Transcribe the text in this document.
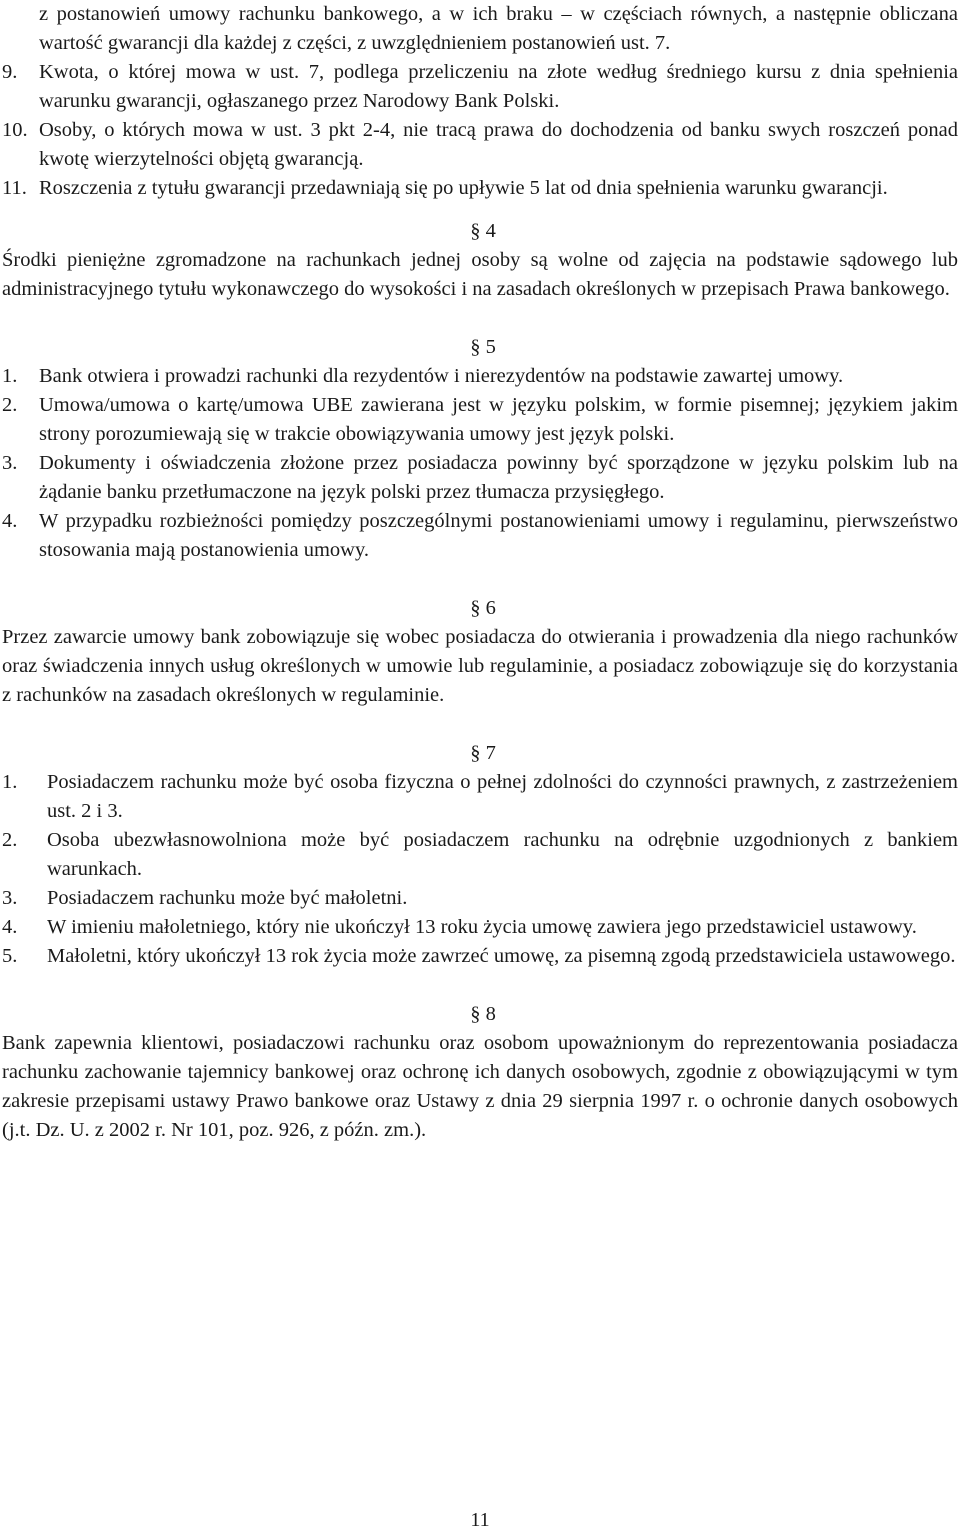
z postanowień umowy rachunku bankowego, a w ich braku – w częściach równych, a następnie obliczana wartość gwarancji dla każdej z części, z uwzględnieniem postanowień ust. 7.

9.	Kwota, o której mowa w ust. 7, podlega przeliczeniu na złote według średniego kursu z dnia spełnienia warunku gwarancji, ogłaszanego przez Narodowy Bank Polski.
10. Osoby, o których mowa w ust. 3 pkt 2-4, nie tracą prawa do dochodzenia od banku swych roszczeń ponad kwotę wierzytelności objętą gwarancją.
11. Roszczenia z tytułu gwarancji przedawniają się po upływie 5 lat od dnia spełnienia warunku gwarancji.

§ 4

Środki pieniężne zgromadzone na rachunkach jednej osoby są wolne od zajęcia na podstawie sądowego lub administracyjnego tytułu wykonawczego do wysokości i na zasadach określonych w przepisach Prawa bankowego.

§ 5

1.	Bank otwiera i prowadzi rachunki dla rezydentów i nierezydentów na podstawie zawartej umowy.
2.	Umowa/umowa o kartę/umowa UBE zawierana jest w języku polskim, w formie pisemnej; językiem jakim strony porozumiewają się w trakcie obowiązywania umowy jest język polski.
3.	Dokumenty i oświadczenia złożone przez posiadacza powinny być sporządzone w języku polskim lub na żądanie banku przetłumaczone na język polski przez tłumacza przysięgłego.
4.	W przypadku rozbieżności pomiędzy poszczególnymi postanowieniami umowy i regulaminu, pierwszeństwo stosowania mają postanowienia umowy.

§ 6

Przez zawarcie umowy bank zobowiązuje się wobec posiadacza do otwierania i prowadzenia dla niego rachunków oraz świadczenia innych usług określonych w umowie lub regulaminie, a posiadacz zobowiązuje się do korzystania z rachunków na zasadach określonych w regulaminie.

§ 7

1.	Posiadaczem rachunku może być osoba fizyczna o pełnej zdolności do czynności prawnych, z zastrzeżeniem ust. 2 i 3.
2.	Osoba ubezwłasnowolniona może być posiadaczem rachunku na odrębnie uzgodnionych z bankiem warunkach.
3.	Posiadaczem rachunku może być małoletni.
4.	W imieniu małoletniego, który nie ukończył 13 roku życia umowę zawiera jego przedstawiciel ustawowy.
5.	Małoletni, który ukończył 13 rok życia może zawrzeć umowę, za pisemną zgodą przedstawiciela ustawowego.

§ 8

Bank zapewnia klientowi, posiadaczowi rachunku oraz osobom upoważnionym do reprezentowania posiadacza rachunku zachowanie tajemnicy bankowej oraz ochronę ich danych osobowych, zgodnie z obowiązującymi w tym zakresie przepisami ustawy Prawo bankowe oraz Ustawy z dnia 29 sierpnia 1997 r. o ochronie danych osobowych (j.t. Dz. U. z 2002 r. Nr 101, poz. 926, z późn. zm.).

11
